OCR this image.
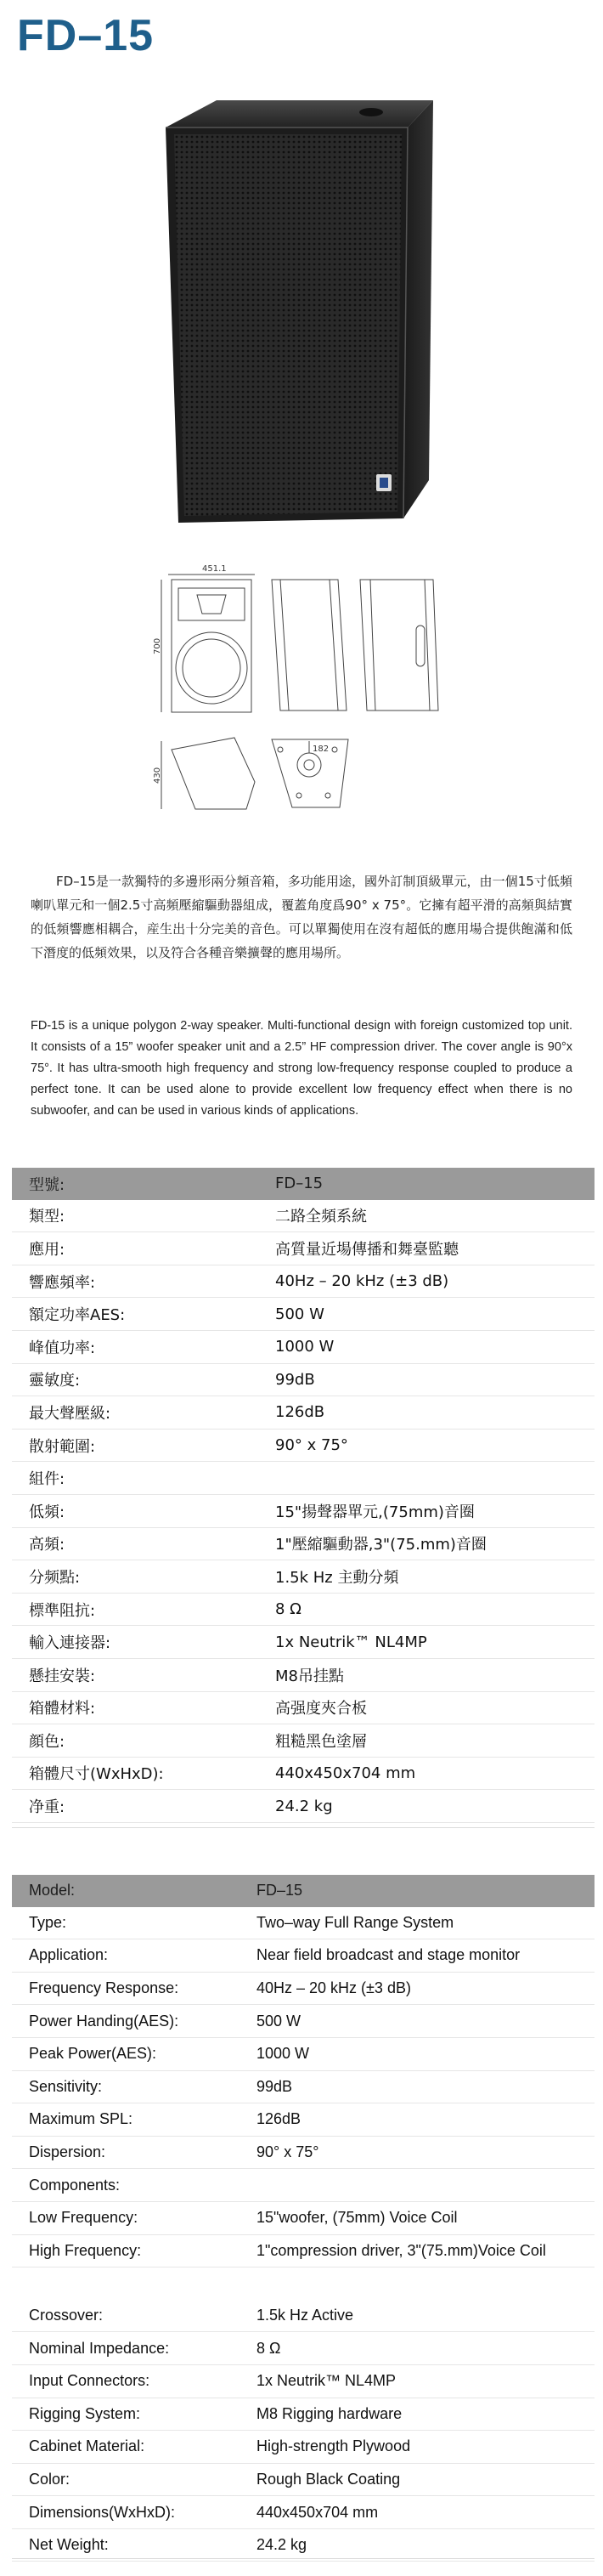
FD–15
451.1
700
430
182

FD–15是一款獨特的多邊形兩分頻音箱，多功能用途，國外訂制頂級單元，由一個15寸低頻喇叭單元和一個2.5寸高頻壓縮驅動器組成，覆蓋角度爲90° x 75°。它擁有超平滑的高頻與結實的低頻響應相耦合，産生出十分完美的音色。可以單獨使用在沒有超低的應用場合提供飽滿和低下潛度的低頻效果，以及符合各種音樂擴聲的應用場所。

FD-15 is a unique polygon 2-way speaker. Multi-functional design with foreign customized top unit. It consists of a 15” woofer speaker unit and a 2.5” HF compression driver. The cover angle is 90°x 75°. It has ultra-smooth high frequency and strong low-frequency response coupled to produce a perfect tone. It can be used alone to provide excellent low frequency effect when there is no subwoofer, and can be used in various kinds of applications.

型號:	FD–15
類型:	二路全頻系統
應用:	高質量近場傳播和舞臺監聽
響應頻率:	40Hz – 20 kHz (±3 dB)
額定功率AES:	500 W
峰值功率:	1000 W
靈敏度:	99dB
最大聲壓級:	126dB
散射範圍:	90° x 75°
組件:
低頻:	15"揚聲器單元,(75mm)音圈
高頻:	1"壓縮驅動器,3"(75.mm)音圈
分频點:	1.5k Hz 主動分頻
標準阻抗:	8 Ω
輸入連接器:	1x Neutrik™ NL4MP
懸挂安裝:	M8吊挂點
箱體材料:	高强度夾合板
顔色:	粗糙黑色塗層
箱體尺寸(WxHxD):	440x450x704 mm
净重:	24.2 kg
Model:	FD–15
Type:	Two–way Full Range System
Application:	Near field broadcast and stage monitor
Frequency Response:	40Hz – 20 kHz (±3 dB)
Power Handing(AES):	500 W
Peak Power(AES):	1000 W
Sensitivity:	99dB
Maximum SPL:	126dB
Dispersion:	90° x 75°
Components:
Low Frequency:	15"woofer, (75mm) Voice Coil
High Frequency:	1"compression driver, 3"(75.mm)Voice Coil
Crossover:	1.5k Hz Active
Nominal Impedance:	8 Ω
Input Connectors:	1x Neutrik™ NL4MP
Rigging System:	M8 Rigging hardware
Cabinet Material:	High-strength Plywood
Color:	Rough Black Coating
Dimensions(WxHxD):	440x450x704 mm
Net Weight:	24.2 kg
